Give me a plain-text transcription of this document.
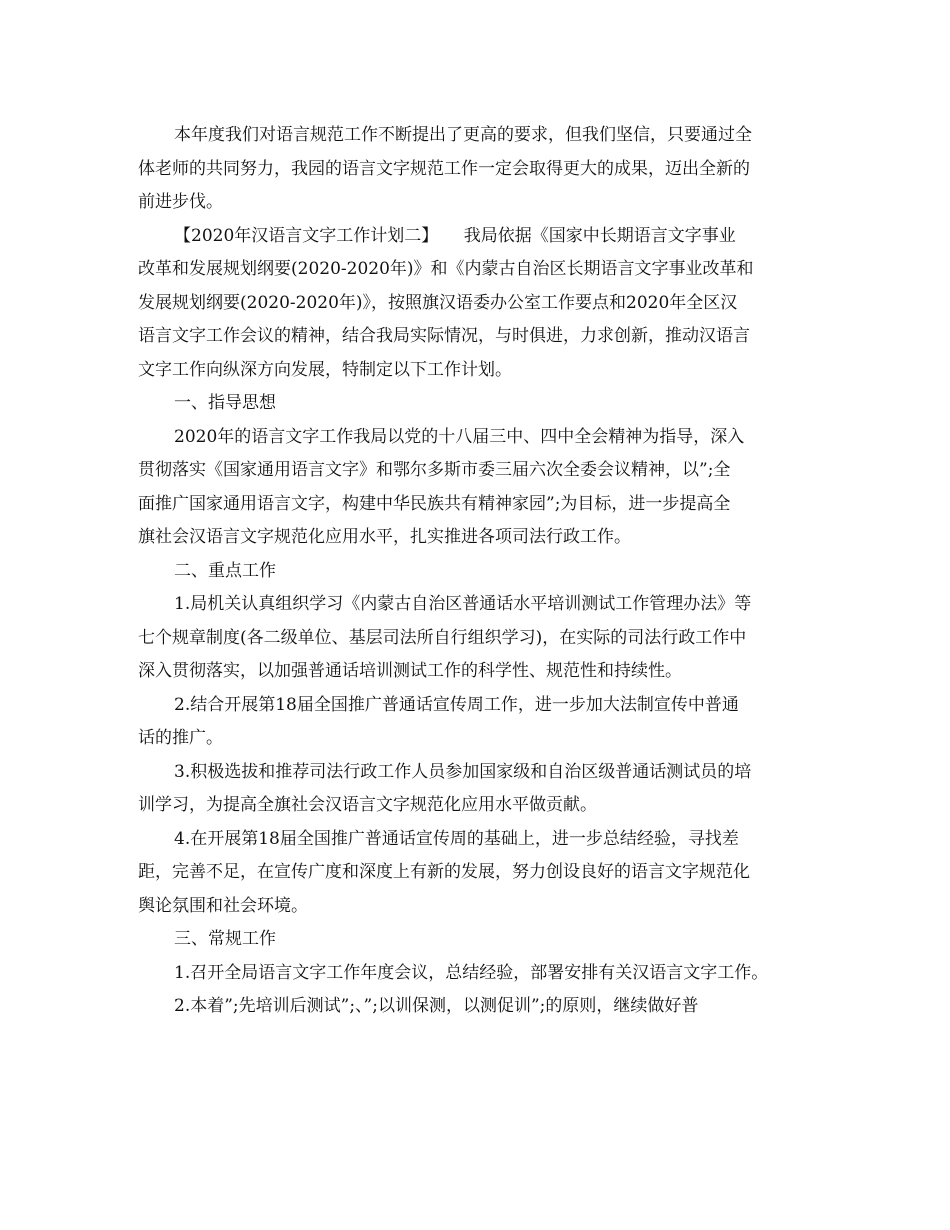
本年度我们对语言规范工作不断提出了更高的要求，但我们坚信，只要通过全
体老师的共同努力，我园的语言文字规范工作一定会取得更大的成果，迈出全新的
前进步伐。

【2020年汉语言文字工作计划二】　　我局依据《国家中长期语言文字事业
改革和发展规划纲要(2020-2020年)》和《内蒙古自治区长期语言文字事业改革和
发展规划纲要(2020-2020年)》，按照旗汉语委办公室工作要点和2020年全区汉
语言文字工作会议的精神，结合我局实际情况，与时俱进，力求创新，推动汉语言
文字工作向纵深方向发展，特制定以下工作计划。

一、指导思想

2020年的语言文字工作我局以党的十八届三中、四中全会精神为指导，深入
贯彻落实《国家通用语言文字》和鄂尔多斯市委三届六次全委会议精神，以”;全
面推广国家通用语言文字，构建中华民族共有精神家园”;为目标，进一步提高全
旗社会汉语言文字规范化应用水平，扎实推进各项司法行政工作。

二、重点工作

1.局机关认真组织学习《内蒙古自治区普通话水平培训测试工作管理办法》等
七个规章制度(各二级单位、基层司法所自行组织学习)，在实际的司法行政工作中
深入贯彻落实，以加强普通话培训测试工作的科学性、规范性和持续性。

2.结合开展第18届全国推广普通话宣传周工作，进一步加大法制宣传中普通
话的推广。

3.积极选拔和推荐司法行政工作人员参加国家级和自治区级普通话测试员的培
训学习，为提高全旗社会汉语言文字规范化应用水平做贡献。

4.在开展第18届全国推广普通话宣传周的基础上，进一步总结经验，寻找差
距，完善不足，在宣传广度和深度上有新的发展，努力创设良好的语言文字规范化
舆论氛围和社会环境。

三、常规工作

1.召开全局语言文字工作年度会议，总结经验，部署安排有关汉语言文字工作。

2.本着”;先培训后测试”;、”;以训保测，以测促训”;的原则，继续做好普
